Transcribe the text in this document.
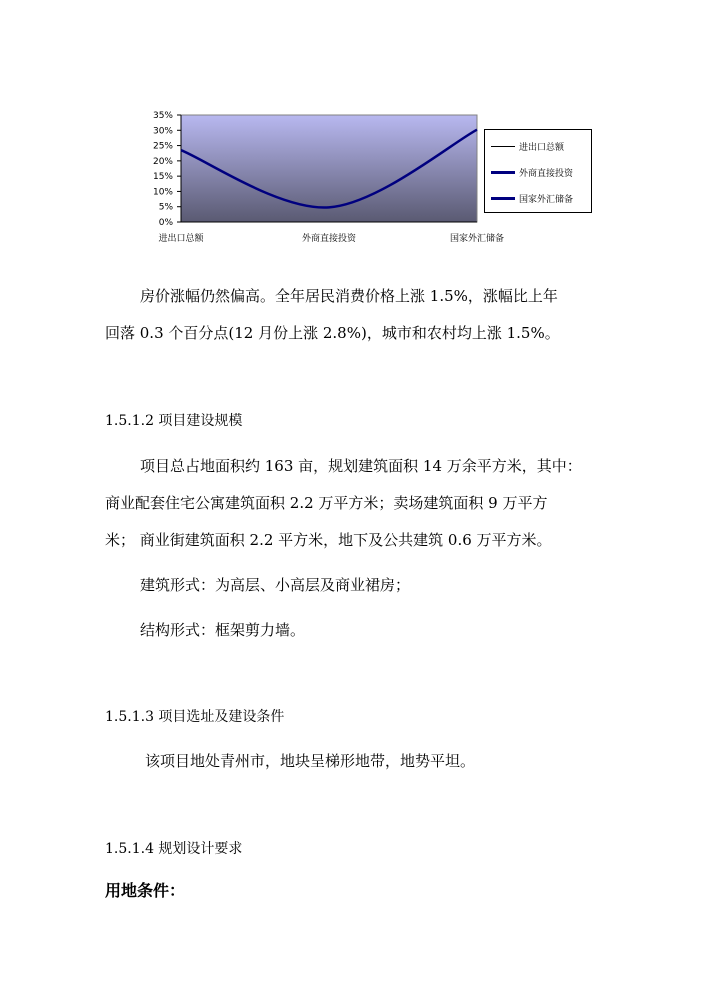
35%
30%
25%
20%
15%
10%
5%
0%
进出口总额	外商直接投资	国家外汇储备
进出口总额
外商直接投资
国家外汇储备
房价涨幅仍然偏高。全年居民消费价格上涨 1.5%，涨幅比上年
回落 0.3 个百分点(12 月份上涨 2.8%)，城市和农村均上涨 1.5%。
1.5.1.2 项目建设规模
项目总占地面积约 163 亩，规划建筑面积 14 万余平方米，其中：
商业配套住宅公寓建筑面积 2.2 万平方米；卖场建筑面积 9 万平方
米； 商业街建筑面积 2.2 平方米，地下及公共建筑 0.6 万平方米。
建筑形式：为高层、小高层及商业裙房；
结构形式：框架剪力墙。
1.5.1.3 项目选址及建设条件
该项目地处青州市，地块呈梯形地带，地势平坦。
1.5.1.4 规划设计要求
用地条件：
